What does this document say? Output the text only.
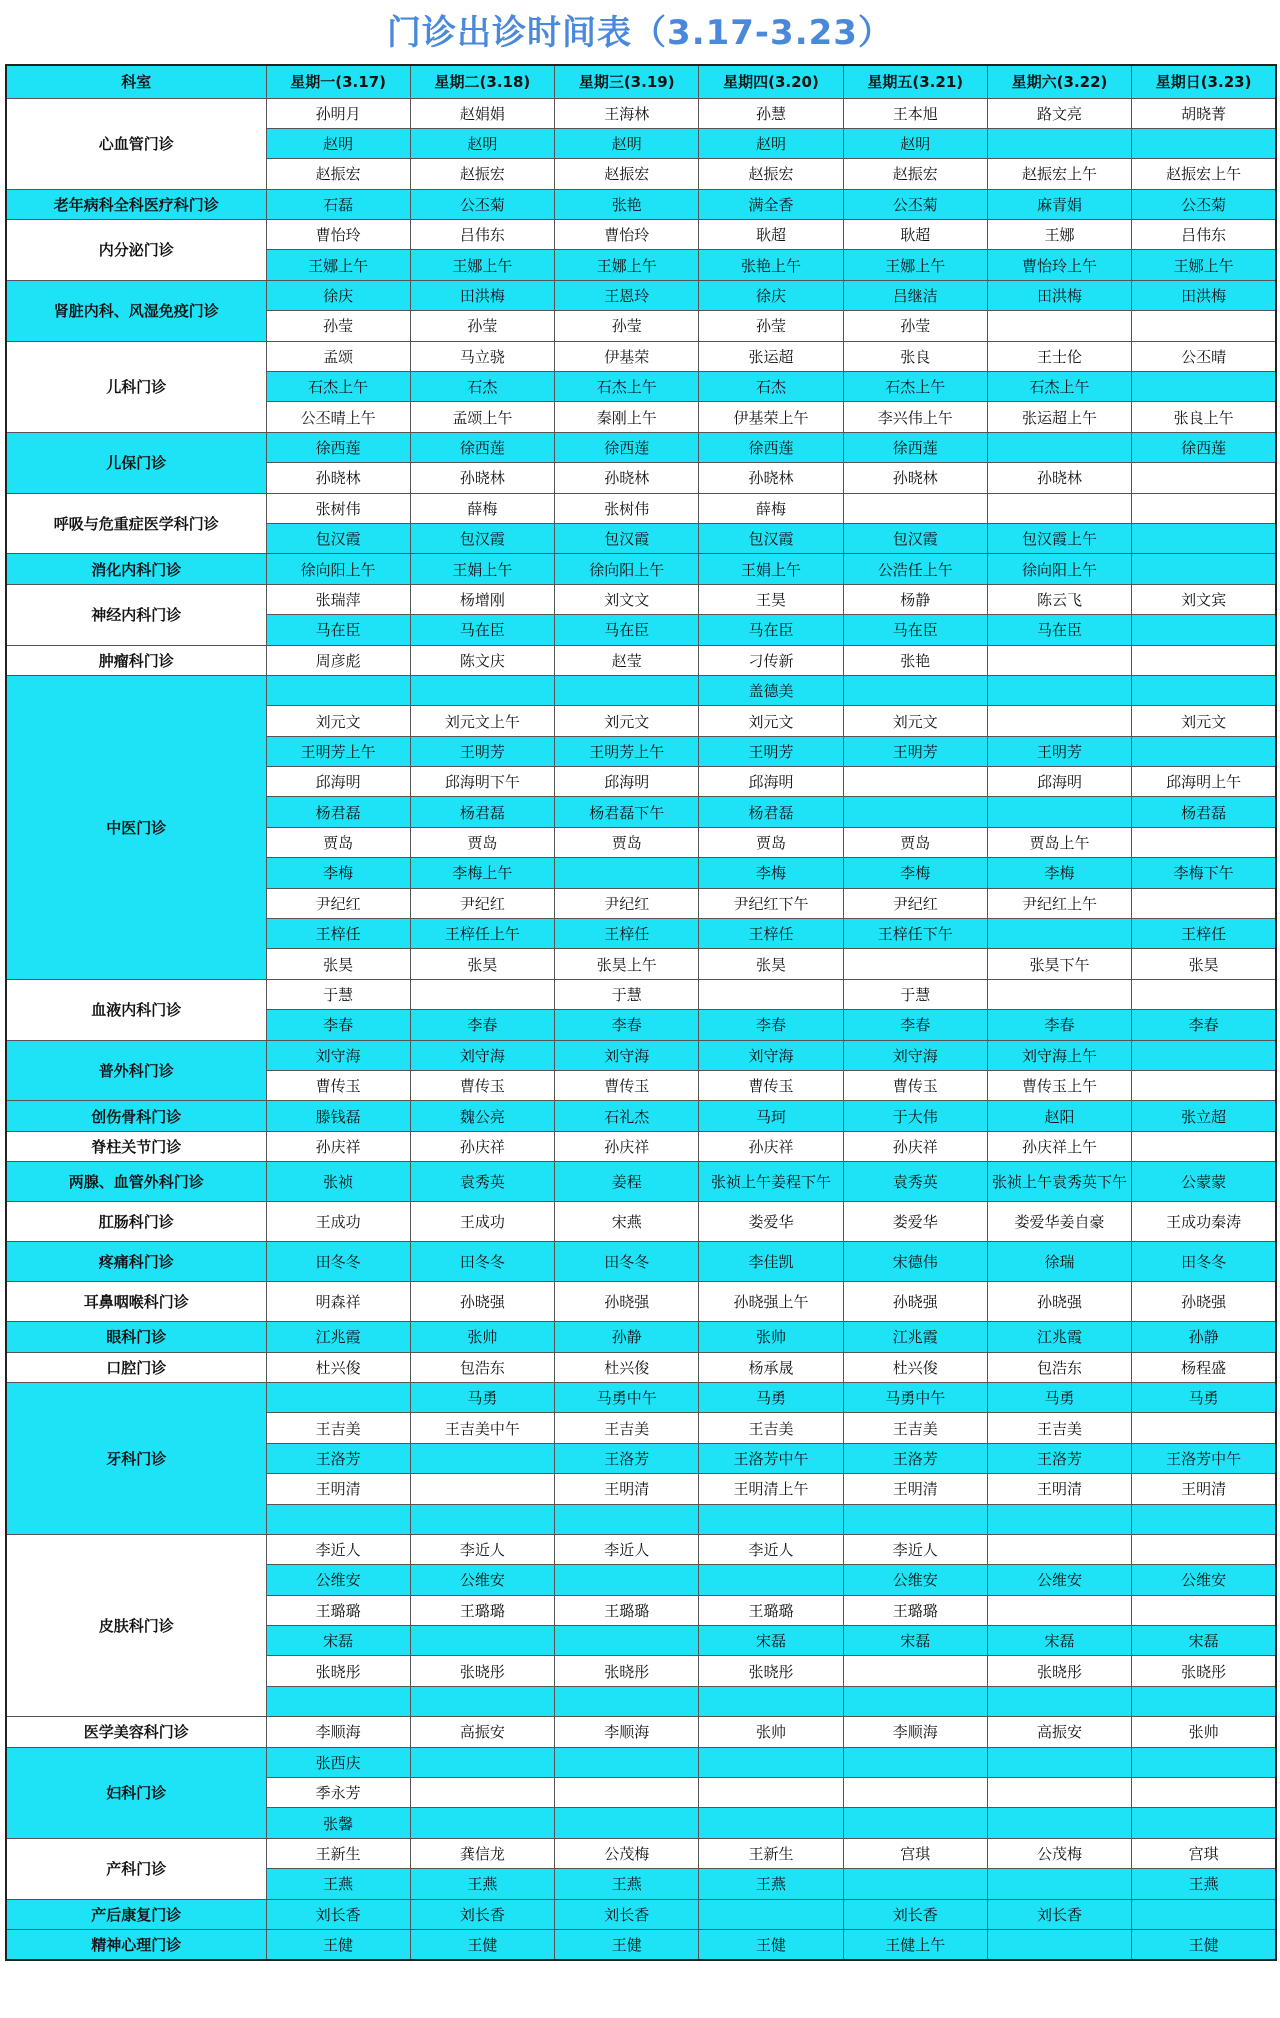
门诊出诊时间表（3.17-3.23）
科室	星期一(3.17)	星期二(3.18)	星期三(3.19)	星期四(3.20)	星期五(3.21)	星期六(3.22)	星期日(3.23)
心血管门诊	孙明月	赵娟娟	王海林	孙慧	王本旭	路文亮	胡晓菁
	赵明	赵明	赵明	赵明	赵明		
	赵振宏	赵振宏	赵振宏	赵振宏	赵振宏	赵振宏上午	赵振宏上午
老年病科全科医疗科门诊	石磊	公丕菊	张艳	满全香	公丕菊	麻青娟	公丕菊
内分泌门诊	曹怡玲	吕伟东	曹怡玲	耿超	耿超	王娜	吕伟东
	王娜上午	王娜上午	王娜上午	张艳上午	王娜上午	曹怡玲上午	王娜上午
肾脏内科、风湿免疫门诊	徐庆	田洪梅	王恩玲	徐庆	吕继洁	田洪梅	田洪梅
	孙莹	孙莹	孙莹	孙莹	孙莹		
儿科门诊	孟颂	马立骁	伊基荣	张运超	张良	王士伦	公丕晴
	石杰上午	石杰	石杰上午	石杰	石杰上午	石杰上午	
	公丕晴上午	孟颂上午	秦刚上午	伊基荣上午	李兴伟上午	张运超上午	张良上午
儿保门诊	徐西莲	徐西莲	徐西莲	徐西莲	徐西莲		徐西莲
	孙晓林	孙晓林	孙晓林	孙晓林	孙晓林	孙晓林	
呼吸与危重症医学科门诊	张树伟	薛梅	张树伟	薛梅			
	包汉霞	包汉霞	包汉霞	包汉霞	包汉霞	包汉霞上午	
消化内科门诊	徐向阳上午	王娟上午	徐向阳上午	王娟上午	公浩任上午	徐向阳上午	
神经内科门诊	张瑞萍	杨增刚	刘文文	王昊	杨静	陈云飞	刘文宾
	马在臣	马在臣	马在臣	马在臣	马在臣	马在臣	
肿瘤科门诊	周彦彪	陈文庆	赵莹	刁传新	张艳		
中医门诊				盖德美			
	刘元文	刘元文上午	刘元文	刘元文	刘元文		刘元文
	王明芳上午	王明芳	王明芳上午	王明芳	王明芳	王明芳	
	邱海明	邱海明下午	邱海明	邱海明		邱海明	邱海明上午
	杨君磊	杨君磊	杨君磊下午	杨君磊			杨君磊
	贾岛	贾岛	贾岛	贾岛	贾岛	贾岛上午	
	李梅	李梅上午		李梅	李梅	李梅	李梅下午
	尹纪红	尹纪红	尹纪红	尹纪红下午	尹纪红	尹纪红上午	
	王梓任	王梓任上午	王梓任	王梓任	王梓任下午		王梓任
	张昊	张昊	张昊上午	张昊		张昊下午	张昊
血液内科门诊	于慧		于慧		于慧		
	李春	李春	李春	李春	李春	李春	李春
普外科门诊	刘守海	刘守海	刘守海	刘守海	刘守海	刘守海上午	
	曹传玉	曹传玉	曹传玉	曹传玉	曹传玉	曹传玉上午	
创伤骨科门诊	滕钱磊	魏公亮	石礼杰	马珂	于大伟	赵阳	张立超
脊柱关节门诊	孙庆祥	孙庆祥	孙庆祥	孙庆祥	孙庆祥	孙庆祥上午	
两腺、血管外科门诊	张祯	袁秀英	姜程	张祯上午姜程下午	袁秀英	张祯上午袁秀英下午	公蒙蒙
肛肠科门诊	王成功	王成功	宋燕	娄爱华	娄爱华	娄爱华姜自豪	王成功秦涛
疼痛科门诊	田冬冬	田冬冬	田冬冬	李佳凯	宋德伟	徐瑞	田冬冬
耳鼻咽喉科门诊	明森祥	孙晓强	孙晓强	孙晓强上午	孙晓强	孙晓强	孙晓强
眼科门诊	江兆霞	张帅	孙静	张帅	江兆霞	江兆霞	孙静
口腔门诊	杜兴俊	包浩东	杜兴俊	杨承晟	杜兴俊	包浩东	杨程盛
牙科门诊		马勇	马勇中午	马勇	马勇中午	马勇	马勇
	王吉美	王吉美中午	王吉美	王吉美	王吉美	王吉美	
	王洛芳		王洛芳	王洛芳中午	王洛芳	王洛芳	王洛芳中午
	王明清		王明清	王明清上午	王明清	王明清	王明清

皮肤科门诊	李近人	李近人	李近人	李近人	李近人		
	公维安	公维安			公维安	公维安	公维安
	王璐璐	王璐璐	王璐璐	王璐璐	王璐璐		
	宋磊			宋磊	宋磊	宋磊	宋磊
	张晓彤	张晓彤	张晓彤	张晓彤		张晓彤	张晓彤

医学美容科门诊	李顺海	高振安	李顺海	张帅	李顺海	高振安	张帅
妇科门诊	张西庆						
	季永芳						
	张馨						
产科门诊	王新生	龚信龙	公茂梅	王新生	宫琪	公茂梅	宫琪
	王燕	王燕	王燕	王燕			王燕
产后康复门诊	刘长香	刘长香	刘长香		刘长香	刘长香	
精神心理门诊	王健	王健	王健	王健	王健上午		王健
